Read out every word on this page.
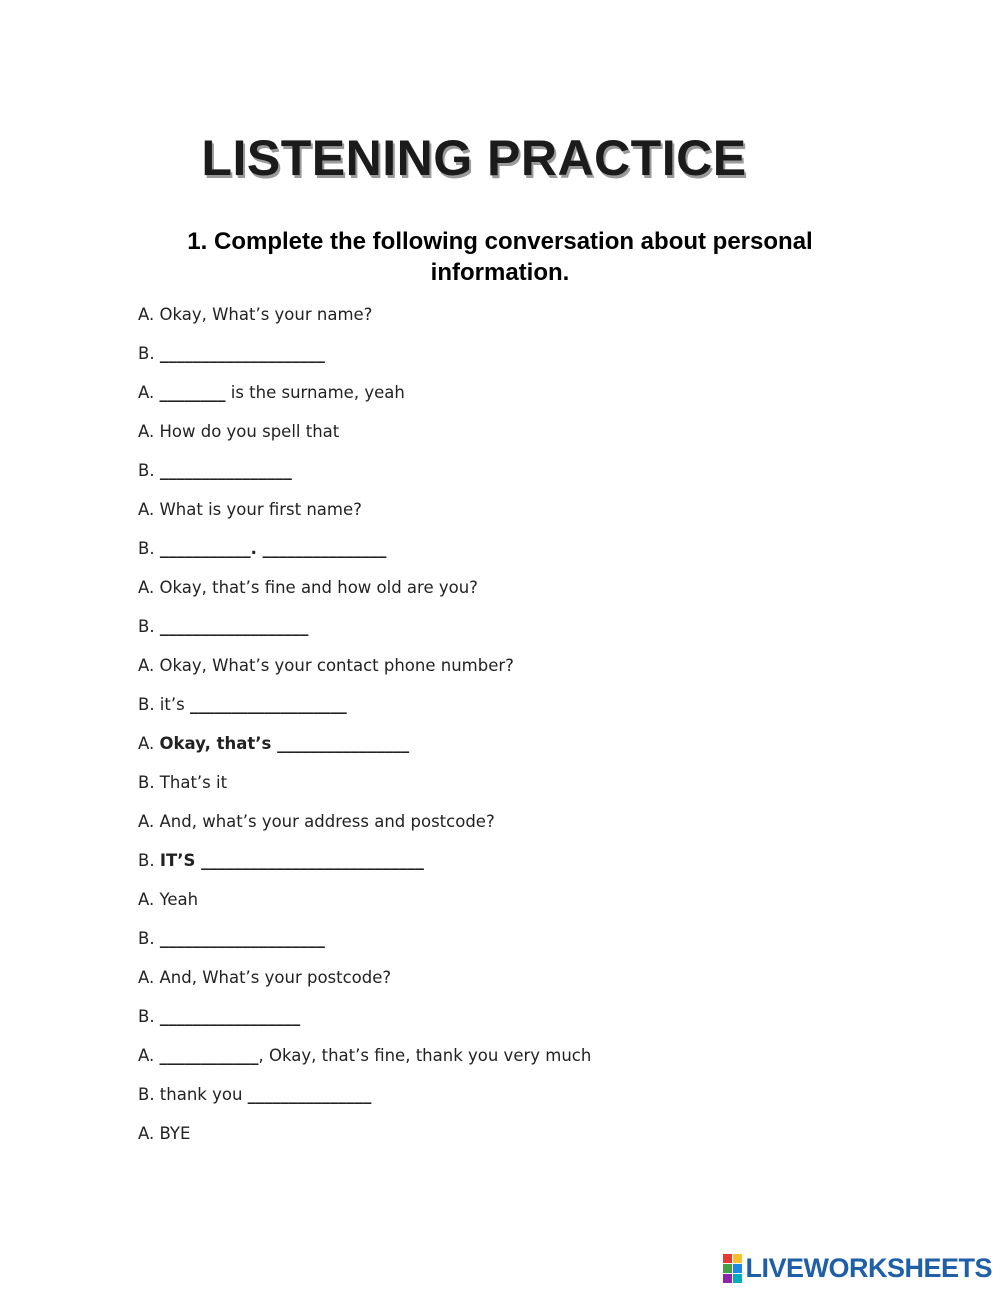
LISTENING PRACTICE
1. Complete the following conversation about personal information.
A. Okay, What’s your name?
B. ____________________
A. ________ is the surname, yeah
A. How do you spell that
B. ________________
A. What is your first name?
B. ___________. _______________
A. Okay, that’s fine and how old are you?
B. __________________
A. Okay, What’s your contact phone number?
B. it’s ___________________
A. Okay, that’s ________________
B. That’s it
A. And, what’s your address and postcode?
B. IT’S ___________________________
A. Yeah
B. ____________________
A. And, What’s your postcode?
B. _________________
A. ____________, Okay, that’s fine, thank you very much
B. thank you _______________
A. BYE
LIVEWORKSHEETS
